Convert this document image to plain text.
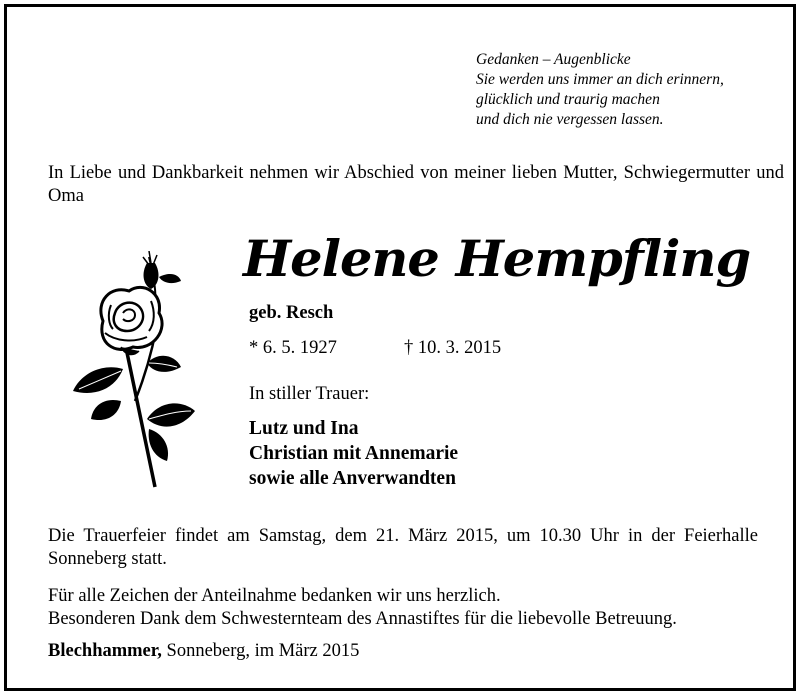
Gedanken – Augenblicke
Sie werden uns immer an dich erinnern,
glücklich und traurig machen
und dich nie vergessen lassen.
In Liebe und Dankbarkeit nehmen wir Abschied von meiner lieben Mutter, Schwiegermutter und Oma
Helene Hempfling
geb. Resch
* 6. 5. 1927	† 10. 3. 2015
In stiller Trauer:
Lutz und Ina
Christian mit Annemarie
sowie alle Anverwandten
Die Trauerfeier findet am Samstag, dem 21. März 2015, um 10.30 Uhr in der Feierhalle Sonneberg statt.
Für alle Zeichen der Anteilnahme bedanken wir uns herzlich.
Besonderen Dank dem Schwesternteam des Annastiftes für die liebevolle Betreuung.
Blechhammer, Sonneberg, im März 2015
